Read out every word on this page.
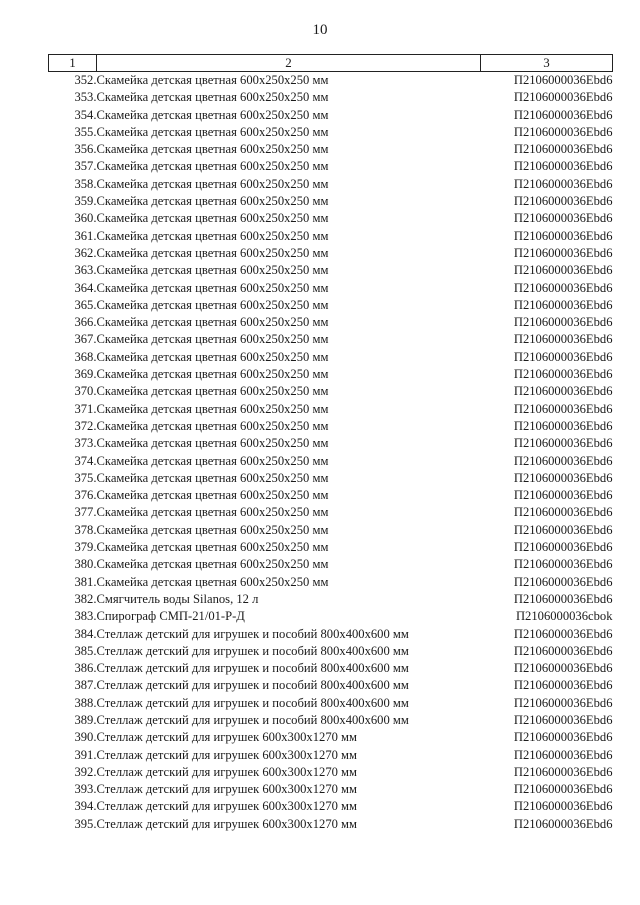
10
1	2	3
352.	Скамейка детская цветная 600х250х250 мм	П2106000036Ebd6
353.	Скамейка детская цветная 600х250х250 мм	П2106000036Ebd6
354.	Скамейка детская цветная 600х250х250 мм	П2106000036Ebd6
355.	Скамейка детская цветная 600х250х250 мм	П2106000036Ebd6
356.	Скамейка детская цветная 600х250х250 мм	П2106000036Ebd6
357.	Скамейка детская цветная 600х250х250 мм	П2106000036Ebd6
358.	Скамейка детская цветная 600х250х250 мм	П2106000036Ebd6
359.	Скамейка детская цветная 600х250х250 мм	П2106000036Ebd6
360.	Скамейка детская цветная 600х250х250 мм	П2106000036Ebd6
361.	Скамейка детская цветная 600х250х250 мм	П2106000036Ebd6
362.	Скамейка детская цветная 600х250х250 мм	П2106000036Ebd6
363.	Скамейка детская цветная 600х250х250 мм	П2106000036Ebd6
364.	Скамейка детская цветная 600х250х250 мм	П2106000036Ebd6
365.	Скамейка детская цветная 600х250х250 мм	П2106000036Ebd6
366.	Скамейка детская цветная 600х250х250 мм	П2106000036Ebd6
367.	Скамейка детская цветная 600х250х250 мм	П2106000036Ebd6
368.	Скамейка детская цветная 600х250х250 мм	П2106000036Ebd6
369.	Скамейка детская цветная 600х250х250 мм	П2106000036Ebd6
370.	Скамейка детская цветная 600х250х250 мм	П2106000036Ebd6
371.	Скамейка детская цветная 600х250х250 мм	П2106000036Ebd6
372.	Скамейка детская цветная 600х250х250 мм	П2106000036Ebd6
373.	Скамейка детская цветная 600х250х250 мм	П2106000036Ebd6
374.	Скамейка детская цветная 600х250х250 мм	П2106000036Ebd6
375.	Скамейка детская цветная 600х250х250 мм	П2106000036Ebd6
376.	Скамейка детская цветная 600х250х250 мм	П2106000036Ebd6
377.	Скамейка детская цветная 600х250х250 мм	П2106000036Ebd6
378.	Скамейка детская цветная 600х250х250 мм	П2106000036Ebd6
379.	Скамейка детская цветная 600х250х250 мм	П2106000036Ebd6
380.	Скамейка детская цветная 600х250х250 мм	П2106000036Ebd6
381.	Скамейка детская цветная 600х250х250 мм	П2106000036Ebd6
382.	Смягчитель воды Silanos, 12 л	П2106000036Ebd6
383.	Спирограф СМП-21/01-Р-Д	П2106000036cbok
384.	Стеллаж детский для игрушек и пособий 800х400х600 мм	П2106000036Ebd6
385.	Стеллаж детский для игрушек и пособий 800х400х600 мм	П2106000036Ebd6
386.	Стеллаж детский для игрушек и пособий 800х400х600 мм	П2106000036Ebd6
387.	Стеллаж детский для игрушек и пособий 800х400х600 мм	П2106000036Ebd6
388.	Стеллаж детский для игрушек и пособий 800х400х600 мм	П2106000036Ebd6
389.	Стеллаж детский для игрушек и пособий 800х400х600 мм	П2106000036Ebd6
390.	Стеллаж детский для игрушек 600х300х1270 мм	П2106000036Ebd6
391.	Стеллаж детский для игрушек 600х300х1270 мм	П2106000036Ebd6
392.	Стеллаж детский для игрушек 600х300х1270 мм	П2106000036Ebd6
393.	Стеллаж детский для игрушек 600х300х1270 мм	П2106000036Ebd6
394.	Стеллаж детский для игрушек 600х300х1270 мм	П2106000036Ebd6
395.	Стеллаж детский для игрушек 600х300х1270 мм	П2106000036Ebd6
